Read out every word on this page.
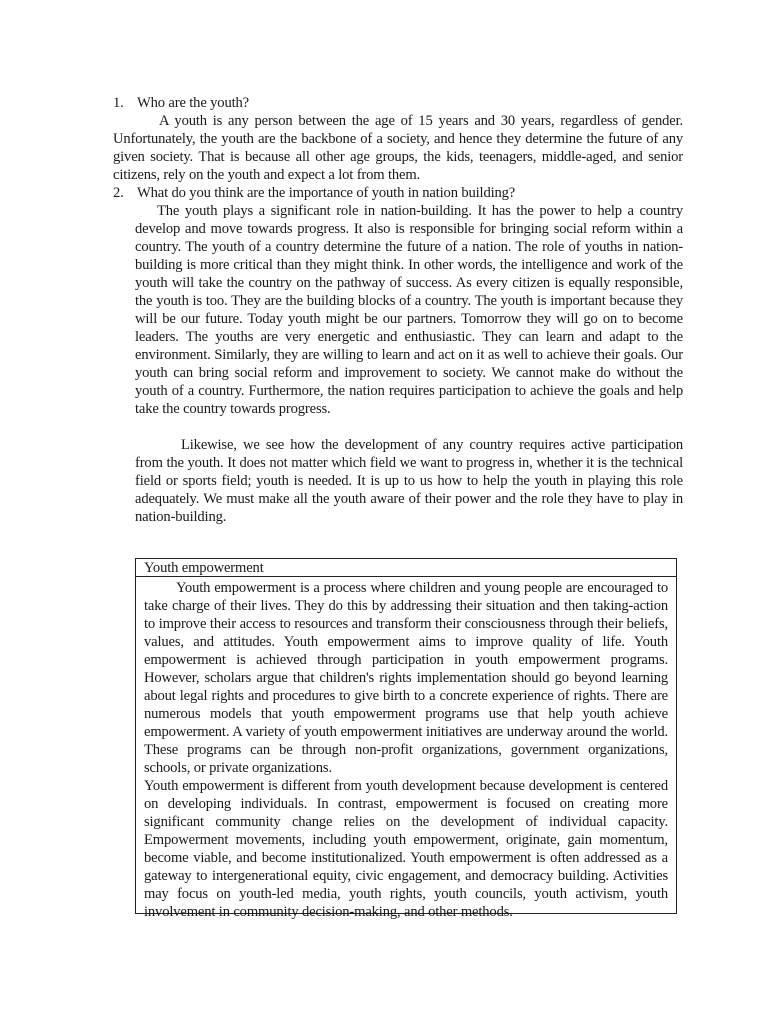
1. Who are the youth?
A youth is any person between the age of 15 years and 30 years, regardless of gender. Unfortunately, the youth are the backbone of a society, and hence they determine the future of any given society. That is because all other age groups, the kids, teenagers, middle-aged, and senior citizens, rely on the youth and expect a lot from them.
2. What do you think are the importance of youth in nation building?
The youth plays a significant role in nation-building. It has the power to help a country develop and move towards progress. It also is responsible for bringing social reform within a country. The youth of a country determine the future of a nation. The role of youths in nation-building is more critical than they might think. In other words, the intelligence and work of the youth will take the country on the pathway of success. As every citizen is equally responsible, the youth is too. They are the building blocks of a country. The youth is important because they will be our future. Today youth might be our partners. Tomorrow they will go on to become leaders. The youths are very energetic and enthusiastic. They can learn and adapt to the environment. Similarly, they are willing to learn and act on it as well to achieve their goals. Our youth can bring social reform and improvement to society. We cannot make do without the youth of a country. Furthermore, the nation requires participation to achieve the goals and help take the country towards progress.
Likewise, we see how the development of any country requires active participation from the youth. It does not matter which field we want to progress in, whether it is the technical field or sports field; youth is needed. It is up to us how to help the youth in playing this role adequately. We must make all the youth aware of their power and the role they have to play in nation-building.
Youth empowerment

Youth empowerment is a process where children and young people are encouraged to take charge of their lives. They do this by addressing their situation and then taking-action to improve their access to resources and transform their consciousness through their beliefs, values, and attitudes. Youth empowerment aims to improve quality of life. Youth empowerment is achieved through participation in youth empowerment programs. However, scholars argue that children's rights implementation should go beyond learning about legal rights and procedures to give birth to a concrete experience of rights. There are numerous models that youth empowerment programs use that help youth achieve empowerment. A variety of youth empowerment initiatives are underway around the world. These programs can be through non-profit organizations, government organizations, schools, or private organizations.

Youth empowerment is different from youth development because development is centered on developing individuals. In contrast, empowerment is focused on creating more significant community change relies on the development of individual capacity. Empowerment movements, including youth empowerment, originate, gain momentum, become viable, and become institutionalized. Youth empowerment is often addressed as a gateway to intergenerational equity, civic engagement, and democracy building. Activities may focus on youth-led media, youth rights, youth councils, youth activism, youth involvement in community decision-making, and other methods.
